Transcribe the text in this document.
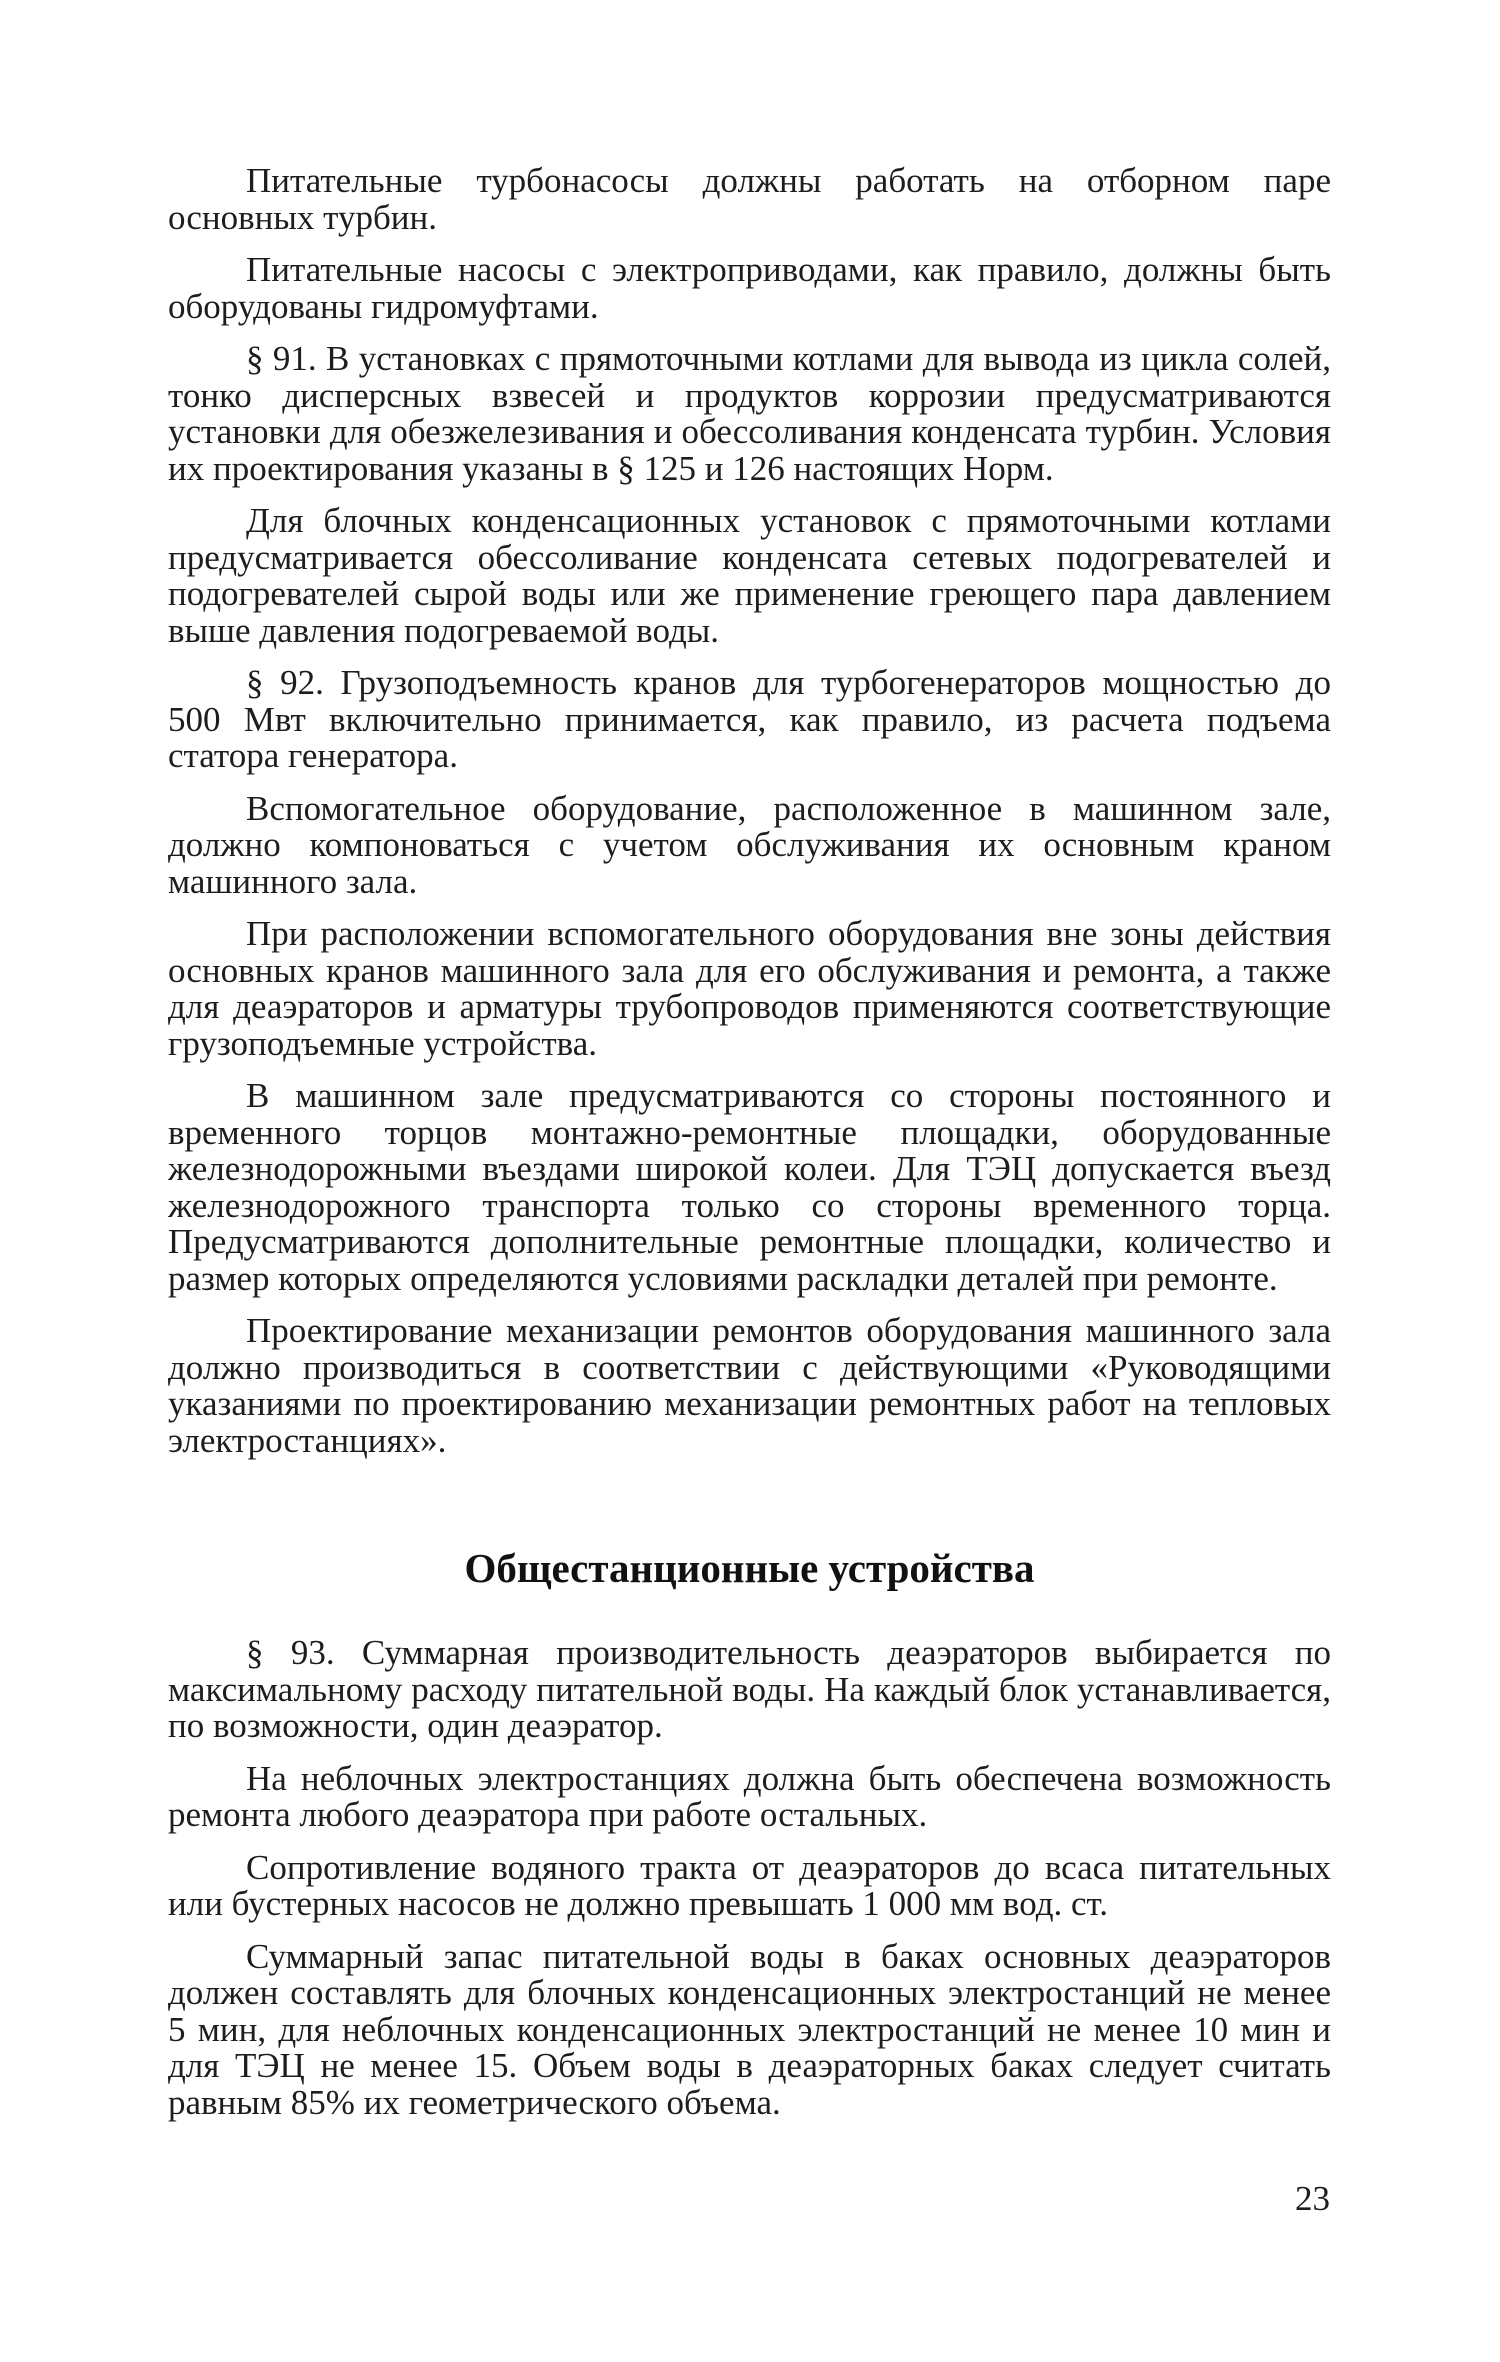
Питательные турбонасосы должны работать на отборном паре основных турбин.

Питательные насосы с электроприводами, как правило, должны быть оборудованы гидромуфтами.

§ 91. В установках с прямоточными котлами для вывода из цикла солей, тонко дисперсных взвесей и продуктов коррозии предусматриваются установки для обезжелезивания и обессоливания конденсата турбин. Условия их проектирования указаны в § 125 и 126 настоящих Норм.

Для блочных конденсационных установок с прямоточными котлами предусматривается обессоливание конденсата сетевых подогревателей и подогревателей сырой воды или же применение греющего пара давлением выше давления подогреваемой воды.

§ 92. Грузоподъемность кранов для турбогенераторов мощностью до 500 Мвт включительно принимается, как правило, из расчета подъема статора генератора.

Вспомогательное оборудование, расположенное в машинном зале, должно компоноваться с учетом обслуживания их основным краном машинного зала.

При расположении вспомогательного оборудования вне зоны действия основных кранов машинного зала для его обслуживания и ремонта, а также для деаэраторов и арматуры трубопроводов применяются соответствующие грузоподъемные устройства.

В машинном зале предусматриваются со стороны постоянного и временного торцов монтажно-ремонтные площадки, оборудованные железнодорожными въездами широкой колеи. Для ТЭЦ допускается въезд железнодорожного транспорта только со стороны временного торца. Предусматриваются дополнительные ремонтные площадки, количество и размер которых определяются условиями раскладки деталей при ремонте.

Проектирование механизации ремонтов оборудования машинного зала должно производиться в соответствии с действующими «Руководящими указаниями по проектированию механизации ремонтных работ на тепловых электростанциях».

Общестанционные устройства

§ 93. Суммарная производительность деаэраторов выбирается по максимальному расходу питательной воды. На каждый блок устанавливается, по возможности, один деаэратор.

На неблочных электростанциях должна быть обеспечена возможность ремонта любого деаэратора при работе остальных.

Сопротивление водяного тракта от деаэраторов до всаса питательных или бустерных насосов не должно превышать 1 000 мм вод. ст.

Суммарный запас питательной воды в баках основных деаэраторов должен составлять для блочных конденсационных электростанций не менее 5 мин, для неблочных конденсационных электростанций не менее 10 мин и для ТЭЦ не менее 15. Объем воды в деаэраторных баках следует считать равным 85% их геометрического объема.

23
